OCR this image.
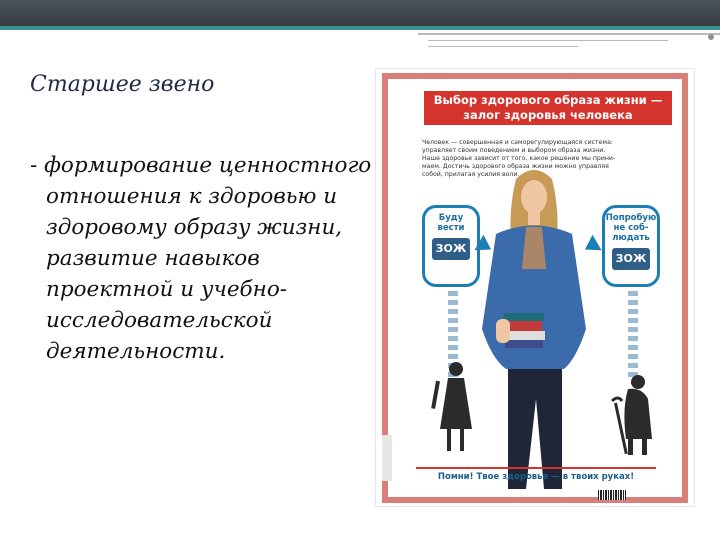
Старшее звено

- формирование ценностного отношения к здоровью и здоровому образу жизни, развитие навыков проектной и учебно-исследовательской деятельности.

Выбор здорового образа жизни —
залог здоровья человека
Человек — совершенная и саморегулирующаяся система:
управляет своим поведением и выбором образа жизни.
Наше здоровье зависит от того, какое решение мы прини-
маем. Достичь здорового образа жизни можно управляя
собой, прилагая усилия воли.
Буду
вести
ЗОЖ
Попробую
не соб-
людать
ЗОЖ
Помни! Твое здоровье — в твоих руках!
